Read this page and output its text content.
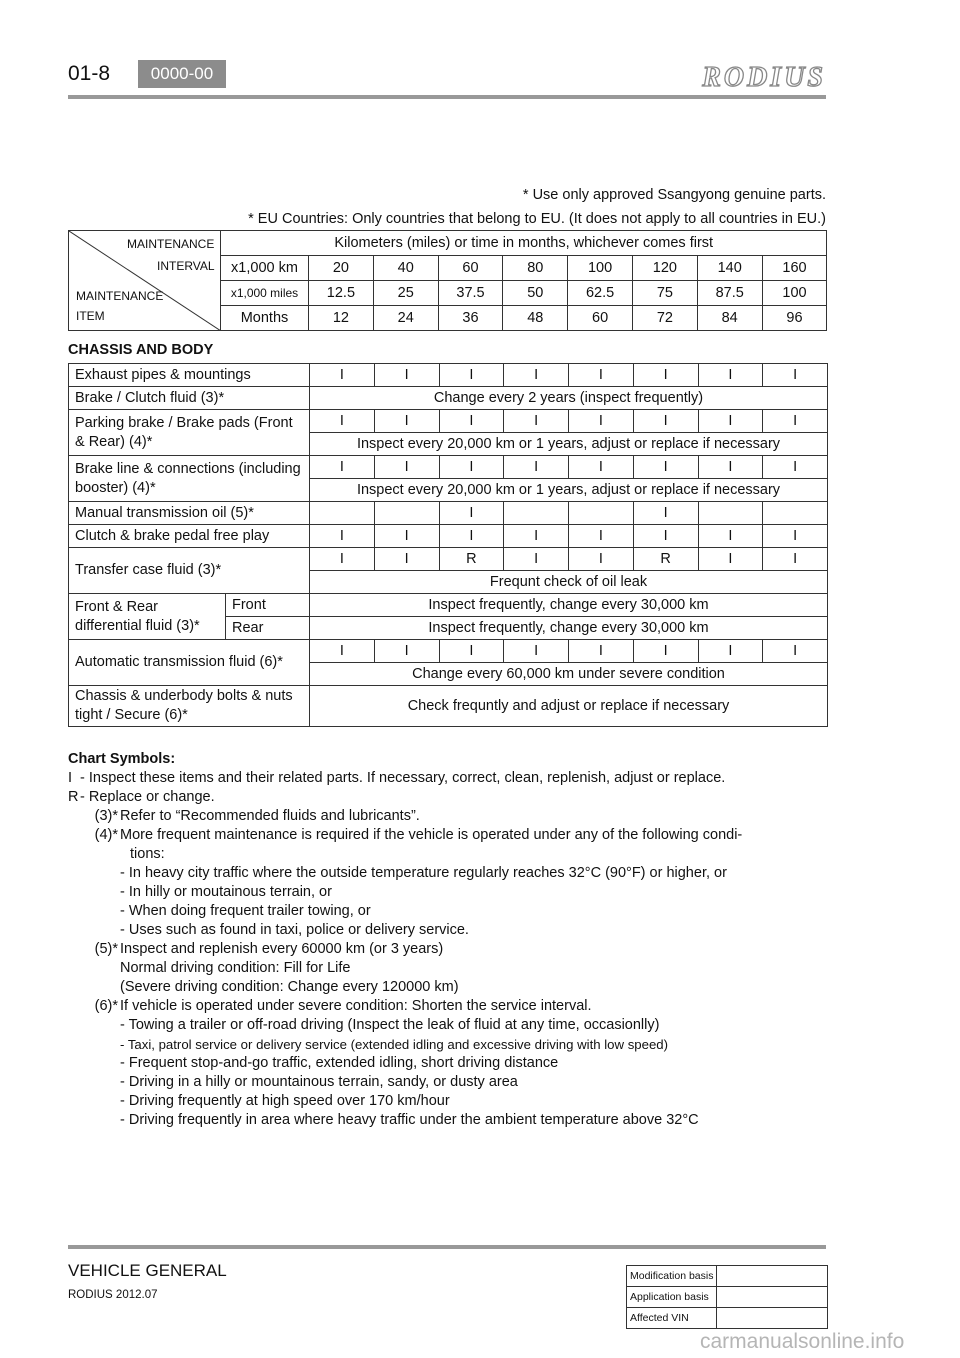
01-8	0000-00	RODIUS
* Use only approved Ssangyong genuine parts.
* EU Countries: Only countries that belong to EU. (It does not apply to all countries in EU.)
MAINTENANCE
INTERVAL
MAINTENANCE
ITEM	Kilometers (miles) or time in months, whichever comes first								
	x1,000 km	20	40	60	80	100	120	140	160
	x1,000 miles	12.5	25	37.5	50	62.5	75	87.5	100
	Months	12	24	36	48	60	72	84	96
CHASSIS AND BODY
Exhaust pipes & mountings		I	I	I	I	I	I	I	I
Brake / Clutch fluid (3)*		Change every 2 years (inspect frequently)							
Parking brake / Brake pads (Front & Rear) (4)*		I	I	I	I	I	I	I	I
		Inspect every 20,000 km or 1 years, adjust or replace if necessary							
Brake line & connections (including booster) (4)*		I	I	I	I	I	I	I	I
		Inspect every 20,000 km or 1 years, adjust or replace if necessary							
Manual transmission oil (5)*				I			I		
Clutch & brake pedal free play		I	I	I	I	I	I	I	I
Transfer case fluid (3)*		I	I	R	I	I	R	I	I
		Frequnt check of oil leak							
Front & Rear differential fluid (3)*	Front	Inspect frequently, change every 30,000 km							
	Rear	Inspect frequently, change every 30,000 km							
Automatic transmission fluid (6)*		I	I	I	I	I	I	I	I
		Change every 60,000 km under severe condition							
Chassis & underbody bolts & nuts tight / Secure (6)*		Check frequntly and adjust or replace if necessary							
Chart Symbols:
I - Inspect these items and their related parts. If necessary, correct, clean, replenish, adjust or replace.
R - Replace or change.
(3)* Refer to “Recommended fluids and lubricants”.
(4)* More frequent maintenance is required if the vehicle is operated under any of the following condi-
tions:
- In heavy city traffic where the outside temperature regularly reaches 32°C (90°F) or higher, or
- In hilly or moutainous terrain, or
- When doing frequent trailer towing, or
- Uses such as found in taxi, police or delivery service.
(5)* Inspect and replenish every 60000 km (or 3 years)
Normal driving condition: Fill for Life
(Severe driving condition: Change every 120000 km)
(6)* If vehicle is operated under severe condition: Shorten the service interval.
- Towing a trailer or off-road driving (Inspect the leak of fluid at any time, occasionlly)
- Taxi, patrol service or delivery service (extended idling and excessive driving with low speed)
- Frequent stop-and-go traffic, extended idling, short driving distance
- Driving in a hilly or mountainous terrain, sandy, or dusty area
- Driving frequently at high speed over 170 km/hour
- Driving frequently in area where heavy traffic under the ambient temperature above 32°C
VEHICLE GENERAL
RODIUS 2012.07
Modification basis	
Application basis	
Affected VIN	
carmanualsonline.info
